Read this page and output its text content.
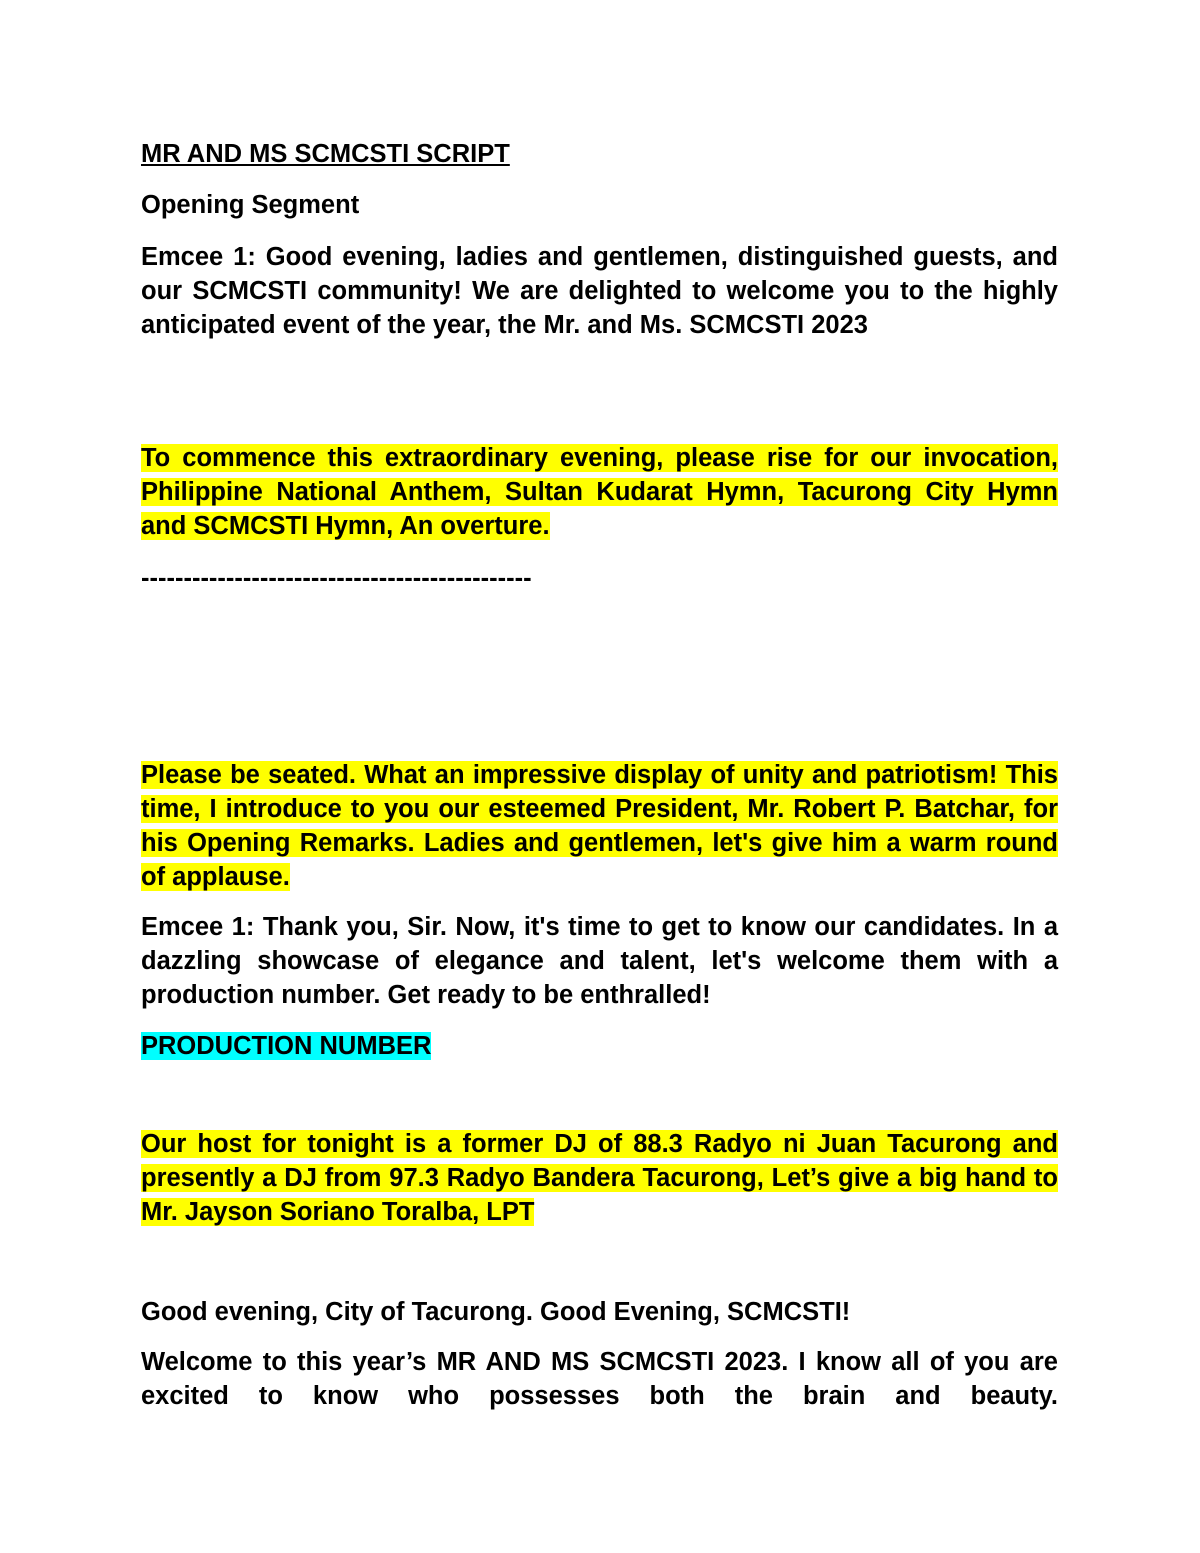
MR AND MS SCMCSTI SCRIPT

Opening Segment

Emcee 1: Good evening, ladies and gentlemen, distinguished guests, and our SCMCSTI community! We are delighted to welcome you to the highly anticipated event of the year, the Mr. and Ms. SCMCSTI 2023

To commence this extraordinary evening, please rise for our invocation, Philippine National Anthem, Sultan Kudarat Hymn, Tacurong City Hymn and SCMCSTI Hymn, An overture.

----------------------------------------------

Please be seated. What an impressive display of unity and patriotism! This time, I introduce to you our esteemed President, Mr. Robert P. Batchar, for his Opening Remarks. Ladies and gentlemen, let's give him a warm round of applause.

Emcee 1: Thank you, Sir. Now, it's time to get to know our candidates. In a dazzling showcase of elegance and talent, let's welcome them with a production number. Get ready to be enthralled!

PRODUCTION NUMBER

Our host for tonight is a former DJ of 88.3 Radyo ni Juan Tacurong and presently a DJ from 97.3 Radyo Bandera Tacurong, Let’s give a big hand to Mr. Jayson Soriano Toralba, LPT

Good evening, City of Tacurong. Good Evening, SCMCSTI!

Welcome to this year’s MR AND MS SCMCSTI 2023. I know all of you are excited to know who possesses both the brain and beauty.
